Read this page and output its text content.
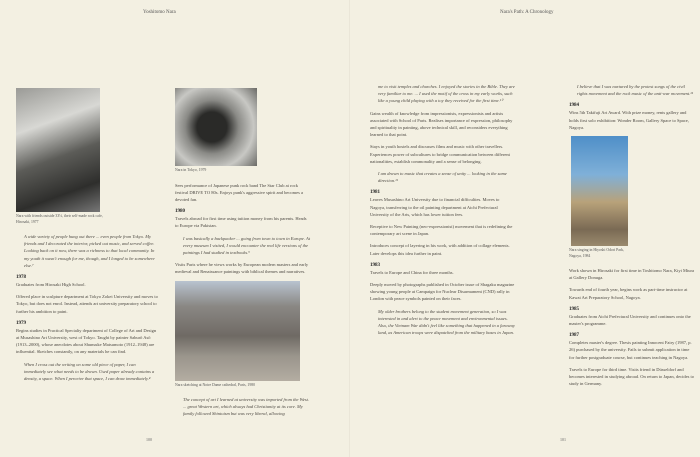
Yoshitomo Nara	Nara's Path: A Chronology
100	101
Nara with friends outside 33⅓, their self-made rock cafe, Hirosaki, 1977

A wide variety of people hung out there ... even people from Tokyo. My friends and I decorated the interior, picked out music, and served coffee. Looking back on it now, there was a richness to that local community. In my youth it wasn't enough for me, though, and I longed to be somewhere else.⁷

1978

Graduates from Hirosaki High School.

Offered place in sculpture department at Tokyo Zokei University and moves to Tokyo, but does not enrol. Instead, attends art university preparatory school to further his ambition to paint.

1979

Begins studies in Practical Specialty department of College of Art and Design at Musashino Art University, west of Tokyo. Taught by painter Saburō Asō (1913–2000), whose anecdotes about Shunsuke Matsumoto (1912–1948) are influential. Sketches constantly, on any materials he can find.

When I cross out the writing on some old piece of paper, I can immediately see what needs to be drawn. Used paper already contains a density, a space. When I perceive that space, I can draw immediately.⁸

Nara in Tokyo, 1979

Sees performance of Japanese punk rock band The Star Club at rock festival DRIVE TO 80s. Enjoys punk's aggressive spirit and becomes a devoted fan.

1980

Travels abroad for first time using tuition money from his parents. Heads to Europe via Pakistan.

I was basically a backpacker ... going from town to town in Europe. At every museum I visited, I would encounter the real life versions of the paintings I had studied in textbooks.⁹

Visits Paris where he views works by European modern masters and early medieval and Renaissance paintings with biblical themes and narratives.

Nara sketching at Notre Dame cathedral, Paris, 1980

The concept of art I learned at university was imported from the West. ... great Western art, which always had Christianity at its core. My family followed Shintoism but was very liberal, allowing

me to visit temples and churches. I enjoyed the stories in the Bible. They are very familiar to me. ... I used the motif of the cross in my early works, such like a young child playing with a toy they received for the first time.¹⁰

Gains wealth of knowledge from impressionists, expressionists and artists associated with School of Paris. Realises importance of expression, philosophy and spirituality in painting, above technical skill, and reconsiders everything learned to that point.

Stays in youth hostels and discusses films and music with other travellers. Experiences power of subcultures to bridge communication between different nationalities, establish commonality and a sense of belonging.

I am drawn to music that creates a sense of unity ... looking in the same direction.¹¹

1981

Leaves Musashino Art University due to financial difficulties. Moves to Nagoya, transferring to the oil painting department at Aichi Prefectural University of the Arts, which has lower tuition fees.

Receptive to New Painting (neo-expressionist) movement that is redefining the contemporary art scene in Japan.

Introduces concept of layering in his work, with addition of collage elements. Later develops this idea further in paint.

1983

Travels to Europe and China for three months.

Deeply moved by photographs published in October issue of Shagaku magazine showing young people at Campaign for Nuclear Disarmament (CND) rally in London with peace symbols painted on their faces.

My older brothers belong to the student movement generation, so I was interested in and alert to the peace movement and environmental issues. Also, the Vietnam War didn't feel like something that happened in a faraway land, as American troops were dispatched from the military bases in Japan.

I believe that I was nurtured by the protest songs of the civil rights movement and the rock music of the anti-war movement.¹²

1984

Wins 5th Takifuji Art Award. With prize money, rents gallery and holds first solo exhibition: Wonder Room, Gallery Space to Space, Nagoya.

Nara singing in Hiyoshi Odori Park, Nagoya, 1984

Work shown in Hirosaki for first time in Toshitomo Nara, Kiyi Miura at Gallery Donuga.

Towards end of fourth year, begins work as part-time instructor at Kawai Art Preparatory School, Nagoya.

1985

Graduates from Aichi Prefectural University and continues onto the master's programme.

1987

Completes master's degree. Thesis painting Innocent Fairy (1987, p. 26) purchased by the university. Fails to submit application in time for further postgraduate course, but continues teaching in Nagoya.

Travels to Europe for third time. Visits friend in Düsseldorf and becomes interested in studying abroad. On return to Japan, decides to study in Germany.
